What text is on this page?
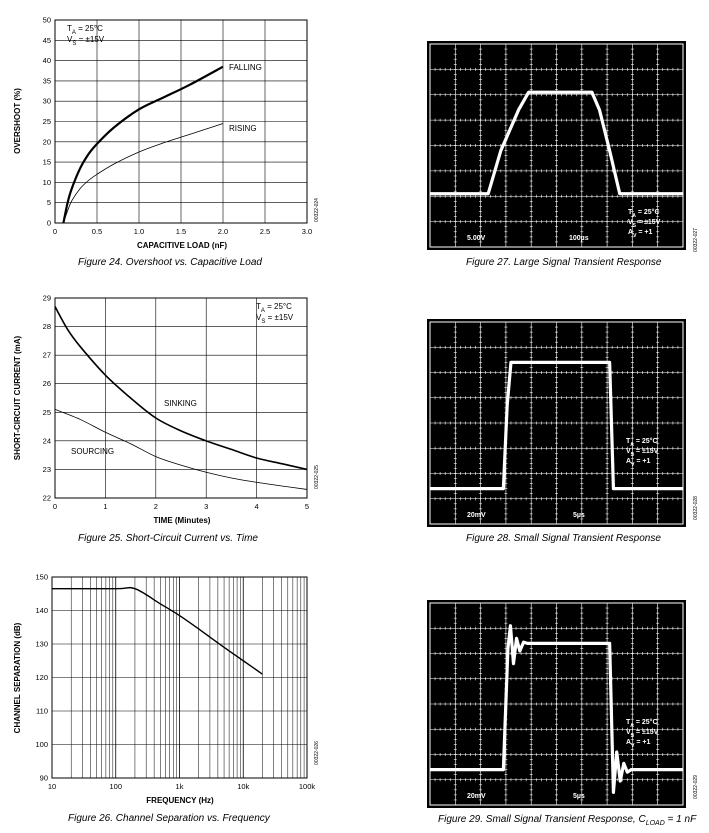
0	0.5	1.0	1.5	2.0	2.5	3.0
0
5
10
15
20
25
30
35
40
45
50
$T_A = 25^\circ C$
$V_S = \pm 15V$
FALLING
RISING
CAPACITIVE LOAD (nF)
OVERSHOOT (%)
00322-024
Figure 24. Overshoot vs. Capacitive Load
0	1	2	3	4	5
22
23
24
25
26
27
28
29
$T_A = 25^\circ C$
$V_S = \pm 15V$
SINKING
SOURCING
TIME (Minutes)
SHORT-CIRCUIT CURRENT (mA)
00322-025
Figure 25. Short-Circuit Current vs. Time
10	100	1k	10k	100k
90
100
110
120
130
140
150
FREQUENCY (Hz)
CHANNEL SEPARATION (dB)
00322-026
Figure 26. Channel Separation vs. Frequency
5.00V	100µs
$T_A = 25^\circ C$
$V_S = \pm 15V$
$A_V = +1$	00322-027
Figure 27. Large Signal Transient Response
20mV	5µs
$T_A = 25^\circ C$
$V_S = \pm 15V$
$A_V = +1$
00322-028
Figure 28. Small Signal Transient Response
20mV	5µs
$T_A = 25^\circ C$
$V_S = \pm 15V$
$A_V = +1$
00322-029
Figure 29. Small Signal Transient Response, $C_{LOAD} = 1$ nF
